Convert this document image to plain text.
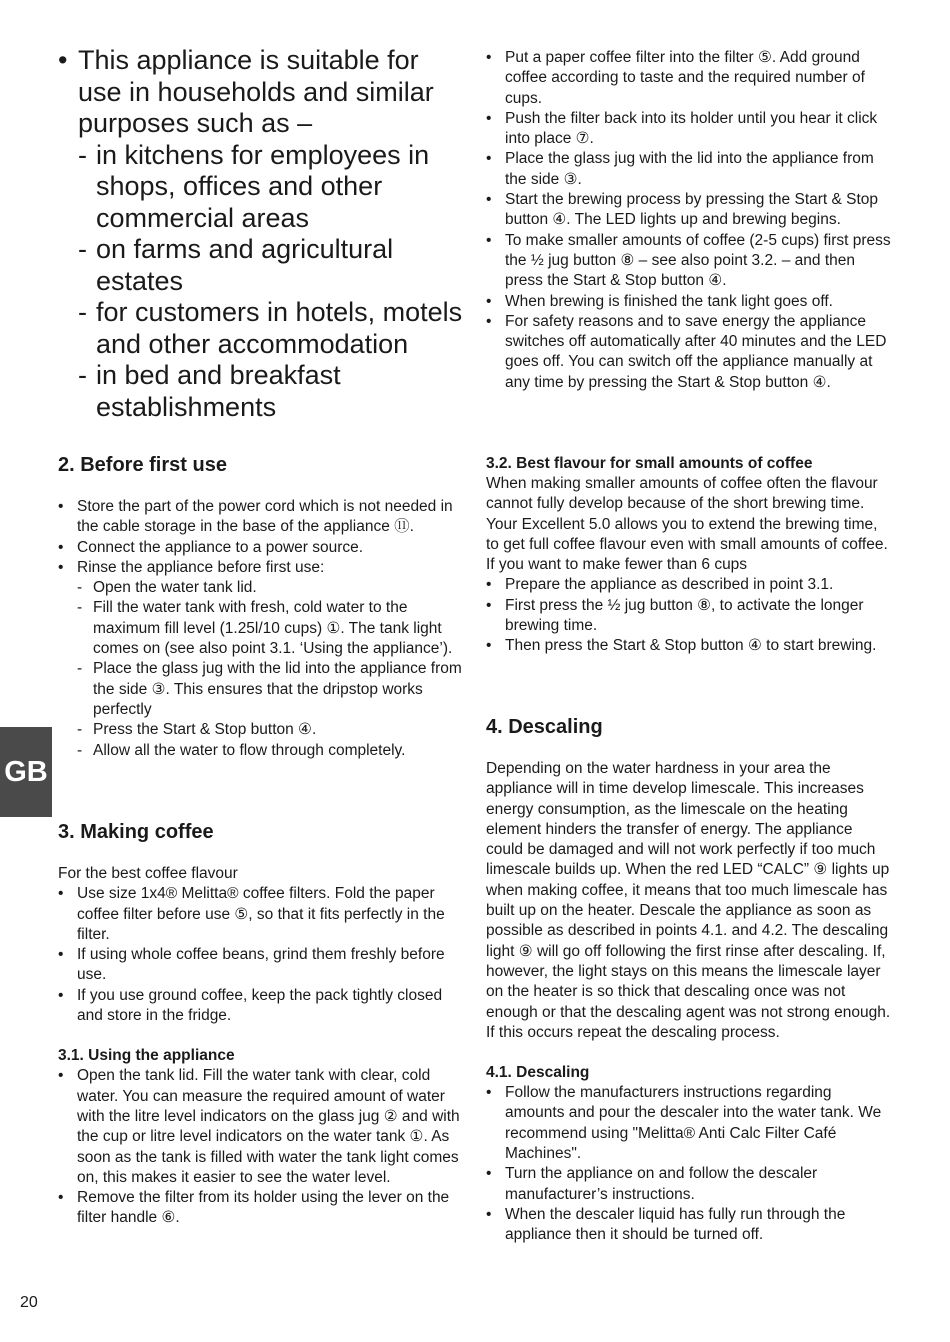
• This appliance is suitable for use in households and similar purposes such as –
- in kitchens for employees in shops, offices and other commercial areas
- on farms and agricultural estates
- for customers in hotels, motels and other accommodation
- in bed and breakfast establishments
2. Before first use
• Store the part of the power cord which is not needed in the cable storage in the base of the appliance ⑪.
• Connect the appliance to a power source.
• Rinse the appliance before first use:
- Open the water tank lid.
- Fill the water tank with fresh, cold water to the maximum fill level (1.25l/10 cups) ①. The tank light comes on (see also point 3.1. ‘Using the appliance’).
- Place the glass jug with the lid into the appliance from the side ③. This ensures that the dripstop works perfectly
- Press the Start & Stop button ④.
- Allow all the water to flow through completely.
3. Making coffee
For the best coffee flavour
• Use size 1x4® Melitta® coffee filters. Fold the paper coffee filter before use ⑤, so that it fits perfectly in the filter.
• If using whole coffee beans, grind them freshly before use.
• If you use ground coffee, keep the pack tightly closed and store in the fridge.
3.1. Using the appliance
• Open the tank lid. Fill the water tank with clear, cold water. You can measure the required amount of water with the litre level indicators on the glass jug ② and with the cup or litre level indicators on the water tank ①. As soon as the tank is filled with water the tank light comes on, this makes it easier to see the water level.
• Remove the filter from its holder using the lever on the filter handle ⑥.
• Put a paper coffee filter into the filter ⑤. Add ground coffee according to taste and the required number of cups.
• Push the filter back into its holder until you hear it click into place ⑦.
• Place the glass jug with the lid into the appliance from the side ③.
• Start the brewing process by pressing the Start & Stop button ④. The LED lights up and brewing begins.
• To make smaller amounts of coffee (2-5 cups) first press the ½ jug button ⑧ – see also point 3.2. – and then press the Start & Stop button ④.
• When brewing is finished the tank light goes off.
• For safety reasons and to save energy the appliance switches off automatically after 40 minutes and the LED goes off. You can switch off the appliance manually at any time by pressing the Start & Stop button ④.
3.2. Best flavour for small amounts of coffee
When making smaller amounts of coffee often the flavour cannot fully develop because of the short brewing time. Your Excellent 5.0 allows you to extend the brewing time, to get full coffee flavour even with small amounts of coffee. If you want to make fewer than 6 cups
• Prepare the appliance as described in point 3.1.
• First press the ½ jug button ⑧, to activate the longer brewing time.
• Then press the Start & Stop button ④ to start brewing.
4. Descaling
Depending on the water hardness in your area the appliance will in time develop limescale. This increases energy consumption, as the limescale on the heating element hinders the transfer of energy. The appliance could be damaged and will not work perfectly if too much limescale builds up. When the red LED “CALC” ⑨ lights up when making coffee, it means that too much limescale has built up on the heater. Descale the appliance as soon as possible as described in points 4.1. and 4.2. The descaling light ⑨ will go off following the first rinse after descaling. If, however, the light stays on this means the limescale layer on the heater is so thick that descaling once was not enough or that the descaling agent was not strong enough. If this occurs repeat the descaling process.
4.1. Descaling
• Follow the manufacturers instructions regarding amounts and pour the descaler into the water tank. We recommend using "Melitta® Anti Calc Filter Café Machines".
• Turn the appliance on and follow the descaler manufacturer’s instructions.
• When the descaler liquid has fully run through the appliance then it should be turned off.
GB
20
